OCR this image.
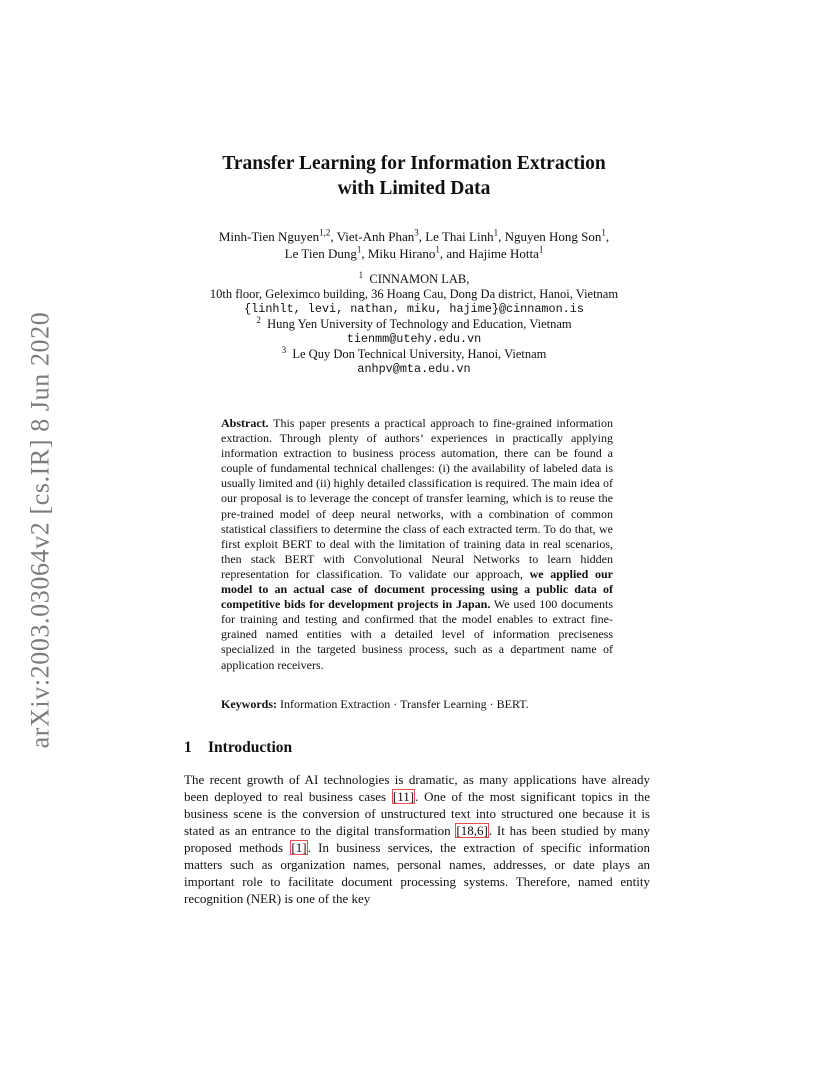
arXiv:2003.03064v2 [cs.IR] 8 Jun 2020
Transfer Learning for Information Extraction
with Limited Data
Minh-Tien Nguyen$^{1,2}$, Viet-Anh Phan$^3$, Le Thai Linh$^1$, Nguyen Hong Son$^1$,
Le Tien Dung$^1$, Miku Hirano$^1$, and Hajime Hotta$^1$
$^1$ CINNAMON LAB,
10th floor, Geleximco building, 36 Hoang Cau, Dong Da district, Hanoi, Vietnam
{linhlt, levi, nathan, miku, hajime}@cinnamon.is
$^2$ Hung Yen University of Technology and Education, Vietnam
tienmm@utehy.edu.vn
$^3$ Le Quy Don Technical University, Hanoi, Vietnam
anhpv@mta.edu.vn

Abstract. This paper presents a practical approach to fine-grained information extraction. Through plenty of authors’ experiences in practically applying information extraction to business process automation, there can be found a couple of fundamental technical challenges: (i) the availability of labeled data is usually limited and (ii) highly detailed classification is required. The main idea of our proposal is to leverage the concept of transfer learning, which is to reuse the pre-trained model of deep neural networks, with a combination of common statistical classifiers to determine the class of each extracted term. To do that, we first exploit BERT to deal with the limitation of training data in real scenarios, then stack BERT with Convolutional Neural Networks to learn hidden representation for classification. To validate our approach, we applied our model to an actual case of document processing using a public data of competitive bids for development projects in Japan. We used 100 documents for training and testing and confirmed that the model enables to extract fine-grained named entities with a detailed level of information preciseness specialized in the targeted business process, such as a department name of application receivers.

Keywords: Information Extraction · Transfer Learning · BERT.

1 Introduction

The recent growth of AI technologies is dramatic, as many applications have already been deployed to real business cases [11]. One of the most significant topics in the business scene is the conversion of unstructured text into structured one because it is stated as an entrance to the digital transformation [18,6]. It has been studied by many proposed methods [1]. In business services, the extraction of specific information matters such as organization names, personal names, addresses, or date plays an important role to facilitate document processing systems. Therefore, named entity recognition (NER) is one of the key
